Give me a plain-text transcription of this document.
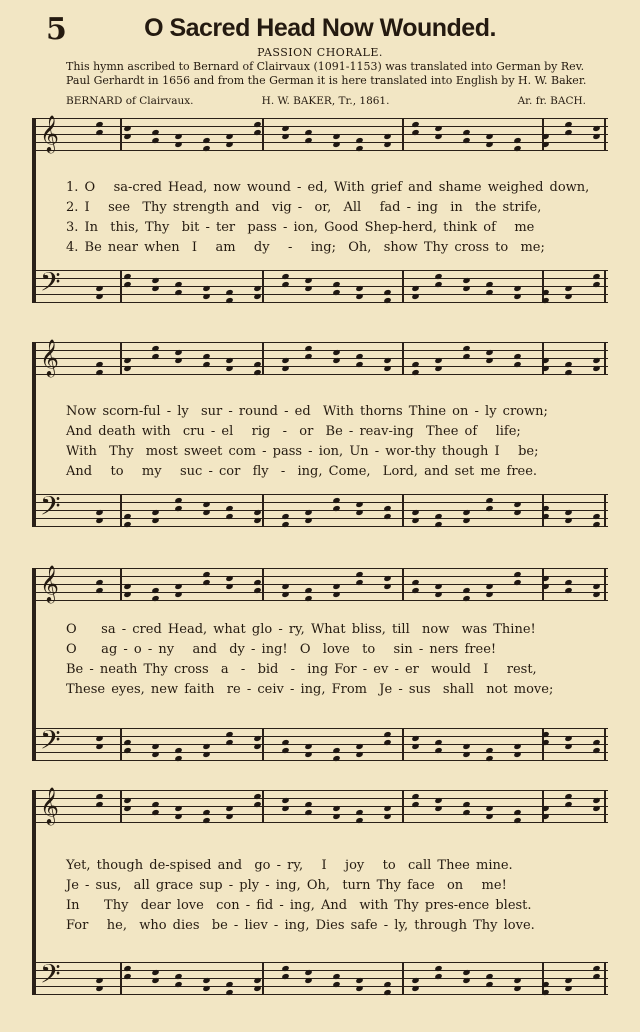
5	O Sacred Head Now Wounded.
PASSION CHORALE.
This hymn ascribed to Bernard of Clairvaux (1091-1153) was translated into German by Rev.
Paul Gerhardt in 1656 and from the German it is here translated into English by H. W. Baker.
BERNARD of Clairvaux.	H. W. BAKER, Tr., 1861.	Ar. fr. BACH.
𝄞
𝄢
𝄞
𝄢
𝄞
𝄢
𝄞
𝄢
1. O   sa-cred Head, now wound - ed, With grief and shame weighed down,
2. I   see  Thy strength and  vig -  or,  All   fad - ing  in  the strife,
3. In  this, Thy  bit - ter  pass - ion, Good Shep-herd, think of   me
4. Be near when  I   am   dy   -   ing;  Oh,  show Thy cross to  me;
Now scorn-ful - ly  sur - round - ed  With thorns Thine on - ly crown;
And death with  cru - el   rig  -  or  Be - reav-ing  Thee of   life;
With  Thy  most sweet com - pass - ion, Un - wor-thy though I   be;
And   to   my   suc - cor  fly  -  ing, Come,  Lord, and set me free.
O    sa - cred Head, what glo - ry, What bliss, till  now  was Thine!
O    ag - o - ny   and  dy - ing!  O  love  to   sin - ners free!
Be - neath Thy cross  a  -  bid  -  ing For - ev - er  would  I   rest,
These eyes, new faith  re - ceiv - ing, From  Je - sus  shall  not move;
Yet, though de-spised and  go - ry,   I   joy   to  call Thee mine.
Je - sus,  all grace sup - ply - ing, Oh,  turn Thy face  on   me!
In    Thy  dear love  con - fid - ing, And  with Thy pres-ence blest.
For   he,  who dies  be - liev - ing, Dies safe - ly, through Thy love.
